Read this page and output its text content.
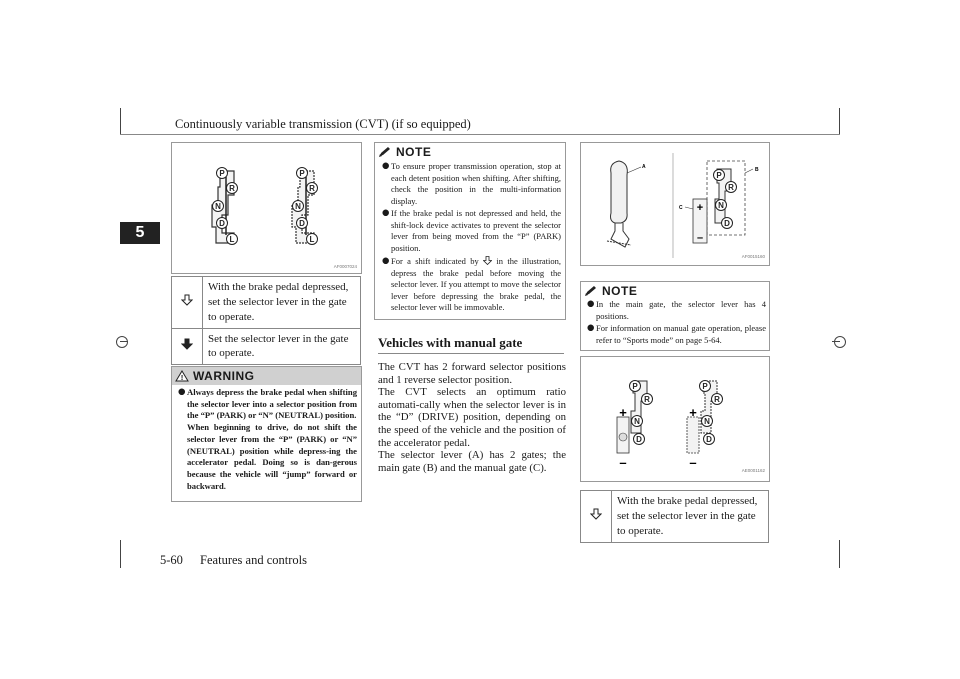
Continuously variable transmission (CVT) (if so equipped)
5
P
R
N
D
L
P
R
N
D
L
AF0007024
	With the brake pedal depressed, set the selector lever in the gate to operate.
	Set the selector lever in the gate to operate.
! WARNING
● Always depress the brake pedal when shifting the selector lever into a selector position from the “P” (PARK) or “N” (NEUTRAL) position.
When beginning to drive, do not shift the selector lever from the “P” (PARK) or “N” (NEUTRAL) position while depress-ing the accelerator pedal. Doing so is dan-gerous because the vehicle will “jump” forward or backward.
NOTE
● To ensure proper transmission operation, stop at each detent position when shifting. After shifting, check the position in the multi-information display.
● If the brake pedal is not depressed and held, the shift-lock device activates to prevent the selector lever from being moved from the “P” (PARK) position.
● For a shift indicated by in the illustration, depress the brake pedal before moving the selector lever. If you attempt to move the selector lever before depressing the brake pedal, the selector lever will be immovable.
Vehicles with manual gate

The CVT has 2 forward selector positions and 1 reverse selector position.

The CVT selects an optimum ratio automati-cally when the selector lever is in the “D” (DRIVE) position, depending on the speed of the vehicle and the position of the accelerator pedal.

The selector lever (A) has 2 gates; the main gate (B) and the manual gate (C).

A	B
C +
–
P
R
N
D
AF0015160
NOTE
● In the main gate, the selector lever has 4 positions.
● For information on manual gate operation, please refer to “Sports mode” on page 5-64.
+
–
P
R
N
D
+
–
P
R
N
D
AE0001162
	With the brake pedal depressed, set the selector lever in the gate to operate.
5-60 Features and controls
